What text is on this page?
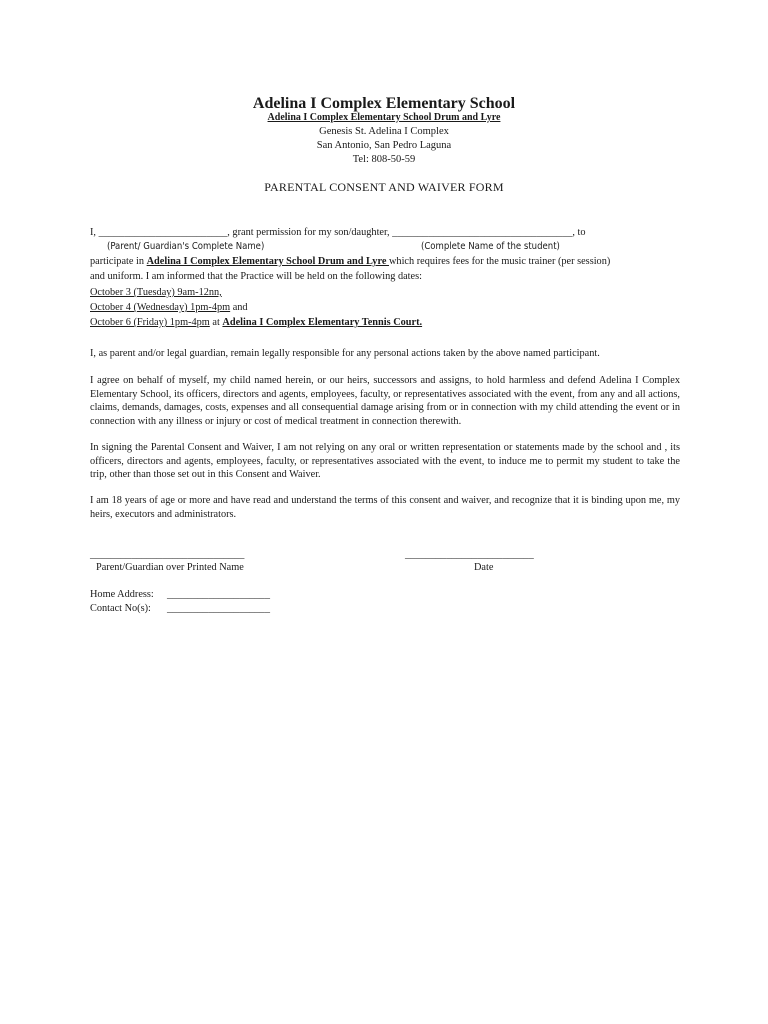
Adelina I Complex Elementary School
Adelina I Complex Elementary School Drum and Lyre
Genesis St. Adelina I Complex
San Antonio, San Pedro Laguna
Tel: 808-50-59
PARENTAL CONSENT AND WAIVER FORM
I, _________________________, grant permission for my son/daughter, ___________________________________, to
(Parent/ Guardian's Complete Name)	(Complete Name of the student)
participate in Adelina I Complex Elementary School Drum and Lyre which requires fees for the music trainer (per session)
and uniform. I am informed that the Practice will be held on the following dates:
October 3 (Tuesday) 9am-12nn,
October 4 (Wednesday) 1pm-4pm and
October 6 (Friday) 1pm-4pm at Adelina I Complex Elementary Tennis Court.
I, as parent and/or legal guardian, remain legally responsible for any personal actions taken by the above named participant.
I agree on behalf of myself, my child named herein, or our heirs, successors and assigns, to hold harmless and defend Adelina I Complex Elementary School, its officers, directors and agents, employees, faculty, or representatives associated with the event, from any and all actions, claims, demands, damages, costs, expenses and all consequential damage arising from or in connection with my child attending the event or in connection with any illness or injury or cost of medical treatment in connection therewith.
In signing the Parental Consent and Waiver, I am not relying on any oral or written representation or statements made by the school and , its officers, directors and agents, employees, faculty, or representatives associated with the event, to induce me to permit my student to take the trip, other than those set out in this Consent and Waiver.
I am 18 years of age or more and have read and understand the terms of this consent and waiver, and recognize that it is binding upon me, my heirs, executors and administrators.
______________________________
Parent/Guardian over Printed Name
_________________________
Date
Home Address: ____________________
Contact No(s): ____________________
